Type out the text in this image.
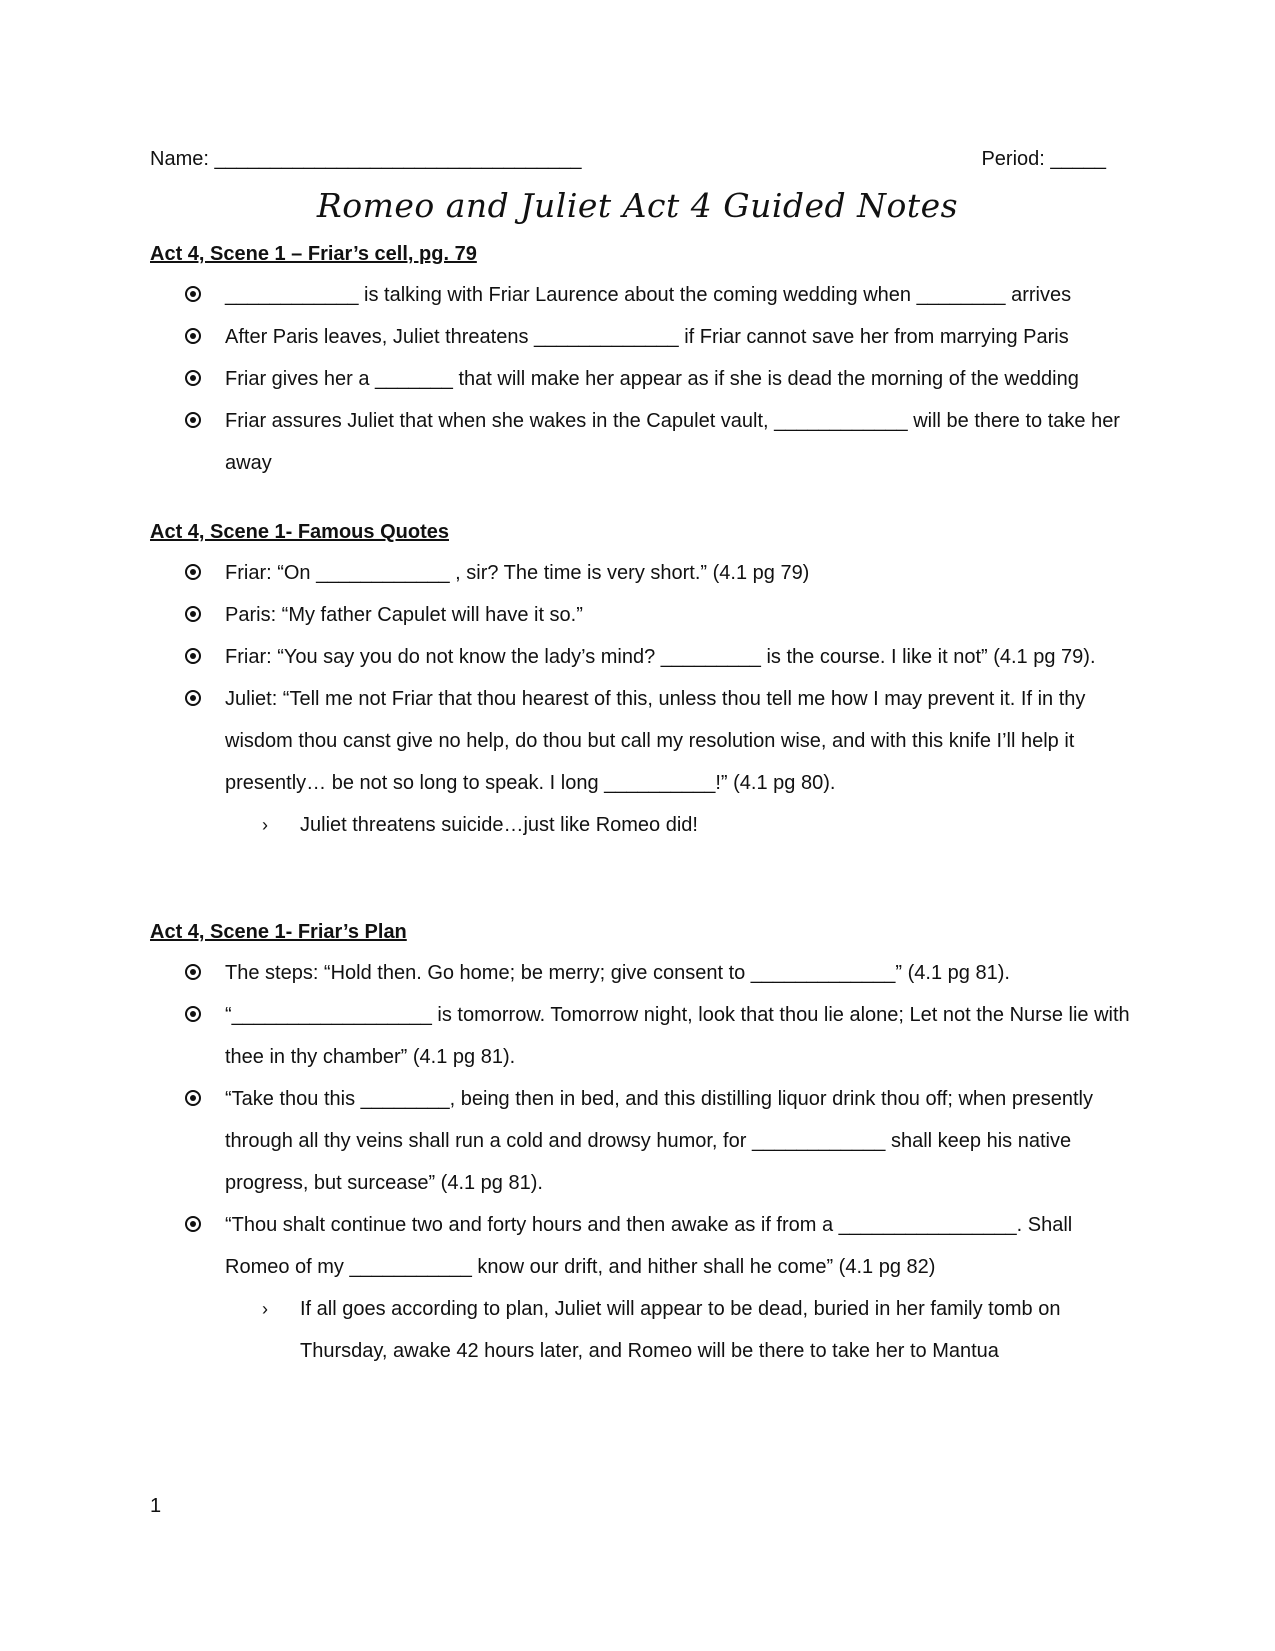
Name: _________________________________	Period: _____
Romeo and Juliet Act 4 Guided Notes
Act 4, Scene 1 – Friar’s cell, pg. 79
____________ is talking with Friar Laurence about the coming wedding when ________ arrives
After Paris leaves, Juliet threatens _____________ if Friar cannot save her from marrying Paris
Friar gives her a _______ that will make her appear as if she is dead the morning of the wedding
Friar assures Juliet that when she wakes in the Capulet vault, ____________ will be there to take her away
Act 4, Scene 1- Famous Quotes
Friar: “On ____________ , sir? The time is very short.” (4.1 pg 79)
Paris: “My father Capulet will have it so.”
Friar: “You say you do not know the lady’s mind? _________ is the course. I like it not” (4.1 pg 79).
Juliet: “Tell me not Friar that thou hearest of this, unless thou tell me how I may prevent it. If in thy wisdom thou canst give no help, do thou but call my resolution wise, and with this knife I’ll help it presently… be not so long to speak. I long __________!” (4.1 pg 80).
› Juliet threatens suicide…just like Romeo did!
Act 4, Scene 1- Friar’s Plan
The steps: “Hold then. Go home; be merry; give consent to _____________” (4.1 pg 81).
“__________________ is tomorrow. Tomorrow night, look that thou lie alone; Let not the Nurse lie with thee in thy chamber” (4.1 pg 81).
“Take thou this ________, being then in bed, and this distilling liquor drink thou off; when presently through all thy veins shall run a cold and drowsy humor, for ____________ shall keep his native progress, but surcease” (4.1 pg 81).
“Thou shalt continue two and forty hours and then awake as if from a ________________. Shall Romeo of my ___________ know our drift, and hither shall he come” (4.1 pg 82)
› If all goes according to plan, Juliet will appear to be dead, buried in her family tomb on Thursday, awake 42 hours later, and Romeo will be there to take her to Mantua
1
